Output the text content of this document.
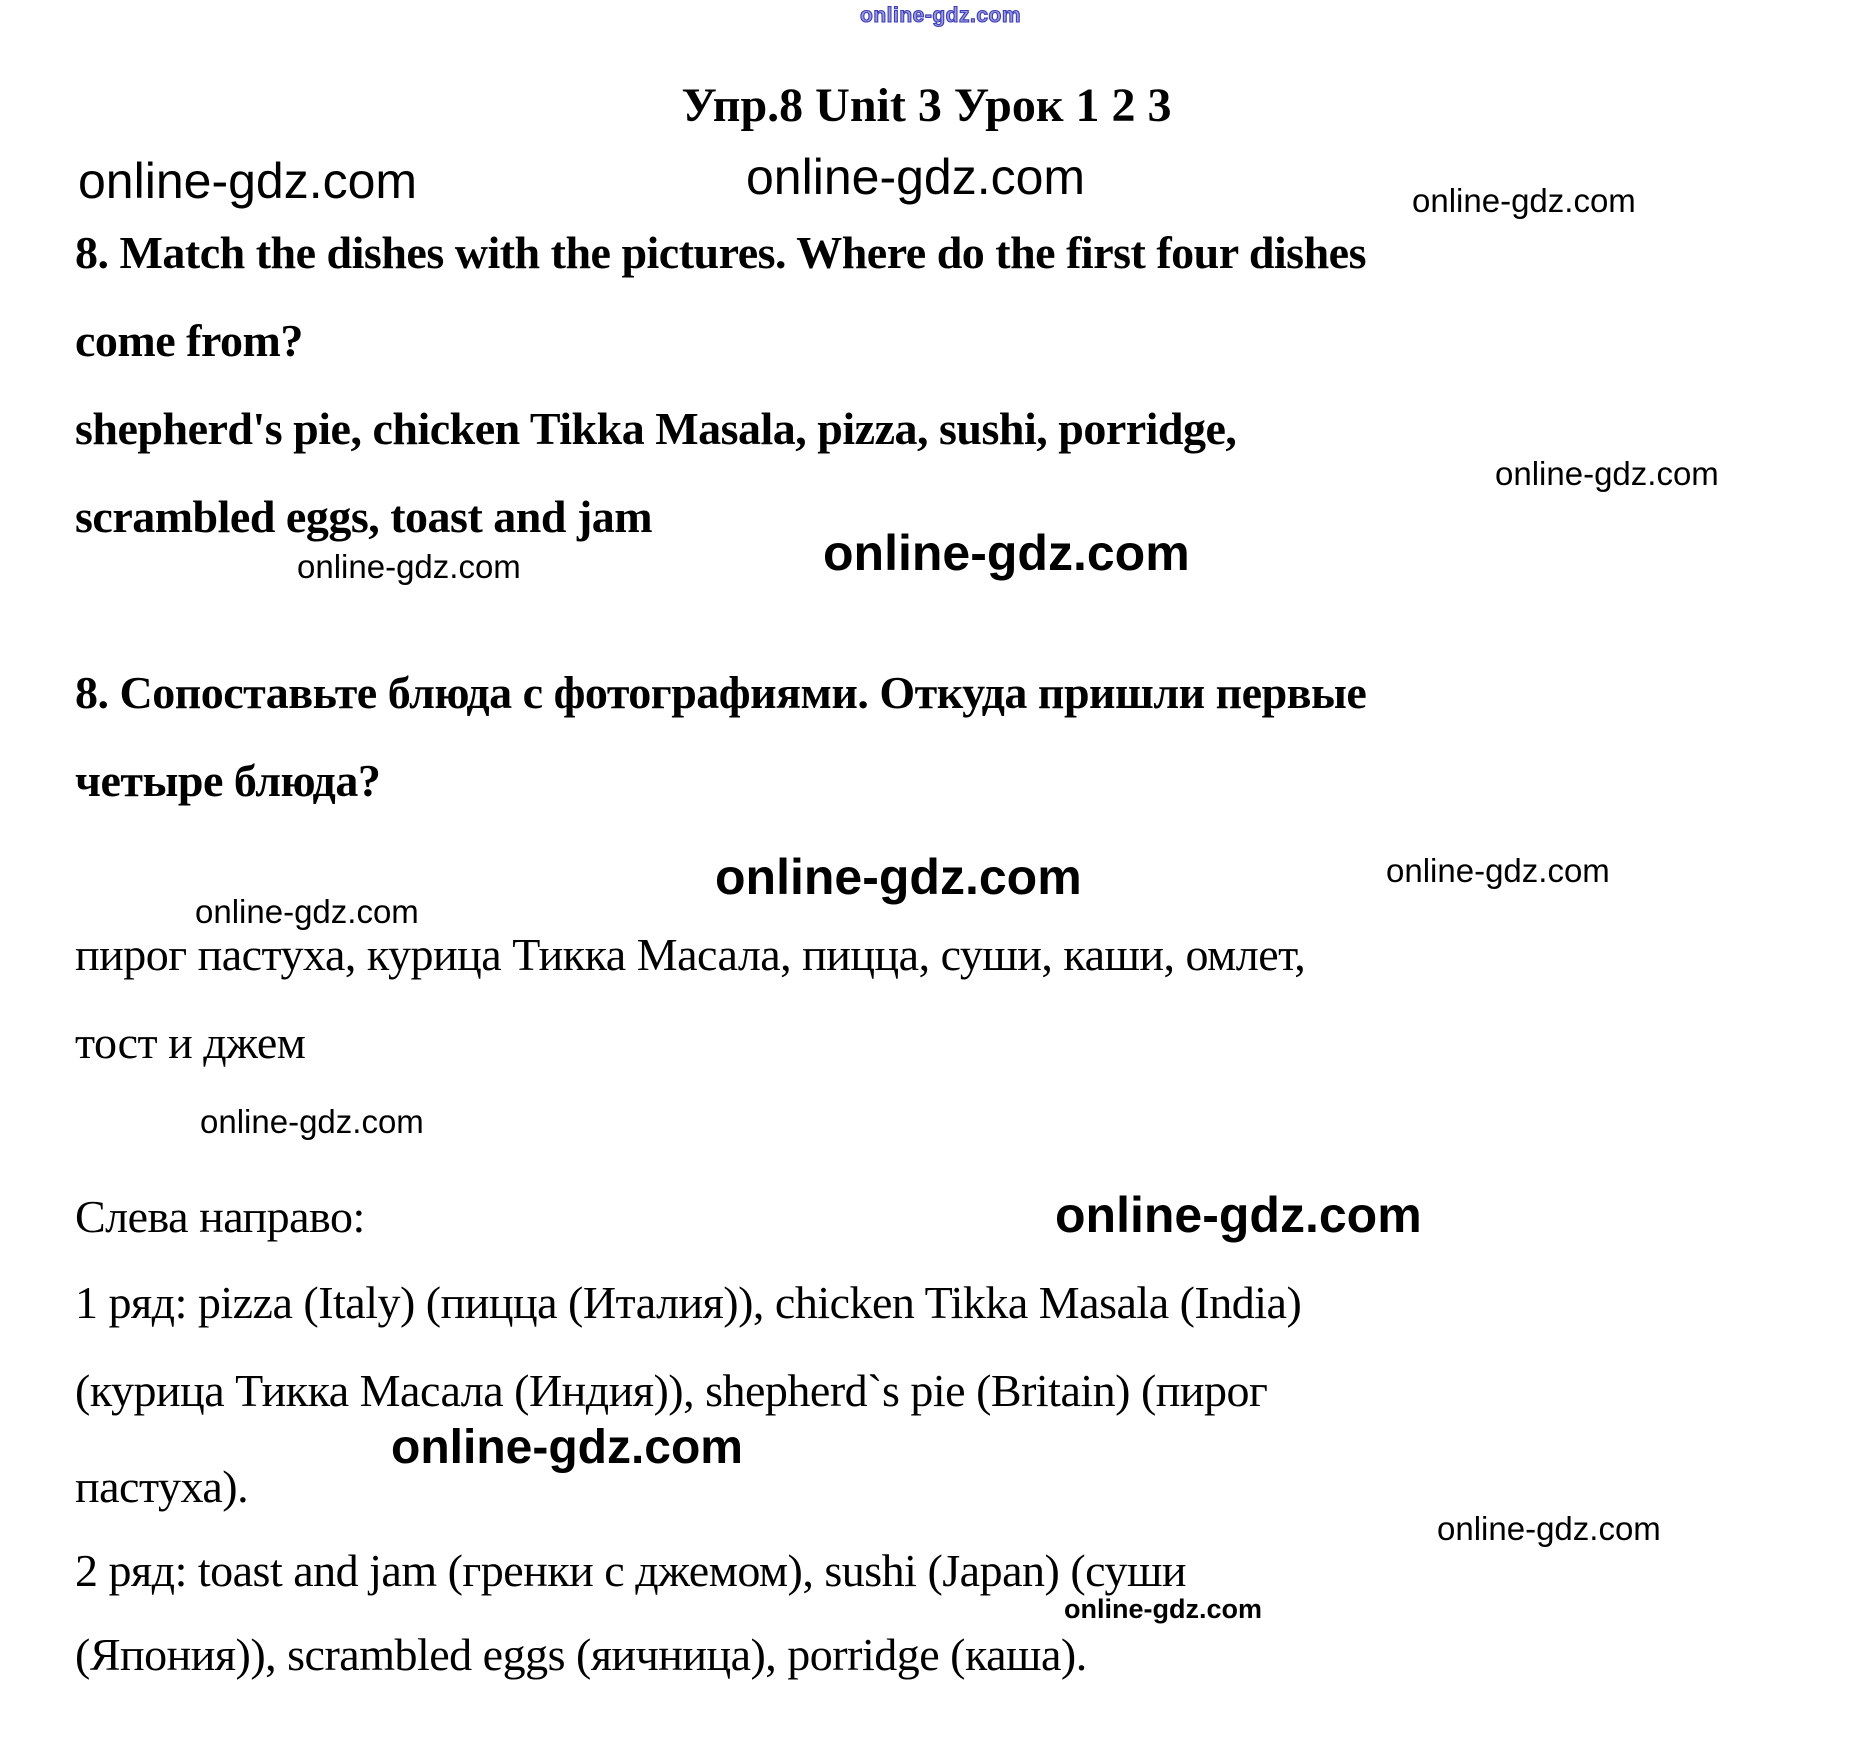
online-gdz.com
Упр.8 Unit 3 Урок 1 2 3
online-gdz.com	online-gdz.com	online-gdz.com
8. Match the dishes with the pictures. Where do the first four dishes
come from?
shepherd's pie, chicken Tikka Masala, pizza, sushi, porridge,
online-gdz.com
scrambled eggs, toast and jam
online-gdz.com
online-gdz.com
8. Сопоставьте блюда с фотографиями. Откуда пришли первые
четыре блюда?
online-gdz.com	online-gdz.com
online-gdz.com
пирог пастуха, курица Тикка Масала, пицца, суши, каши, омлет,
тост и джем
online-gdz.com
Слева направо:	online-gdz.com
1 ряд: pizza (Italy) (пицца (Италия)), chicken Tikka Masala (India)
(курица Тикка Масала (Индия)), shepherd`s pie (Britain) (пирог
online-gdz.com
пастуха).
online-gdz.com
2 ряд: toast and jam (гренки с джемом), sushi (Japan) (суши
online-gdz.com
(Япония)), scrambled eggs (яичница), porridge (каша).
